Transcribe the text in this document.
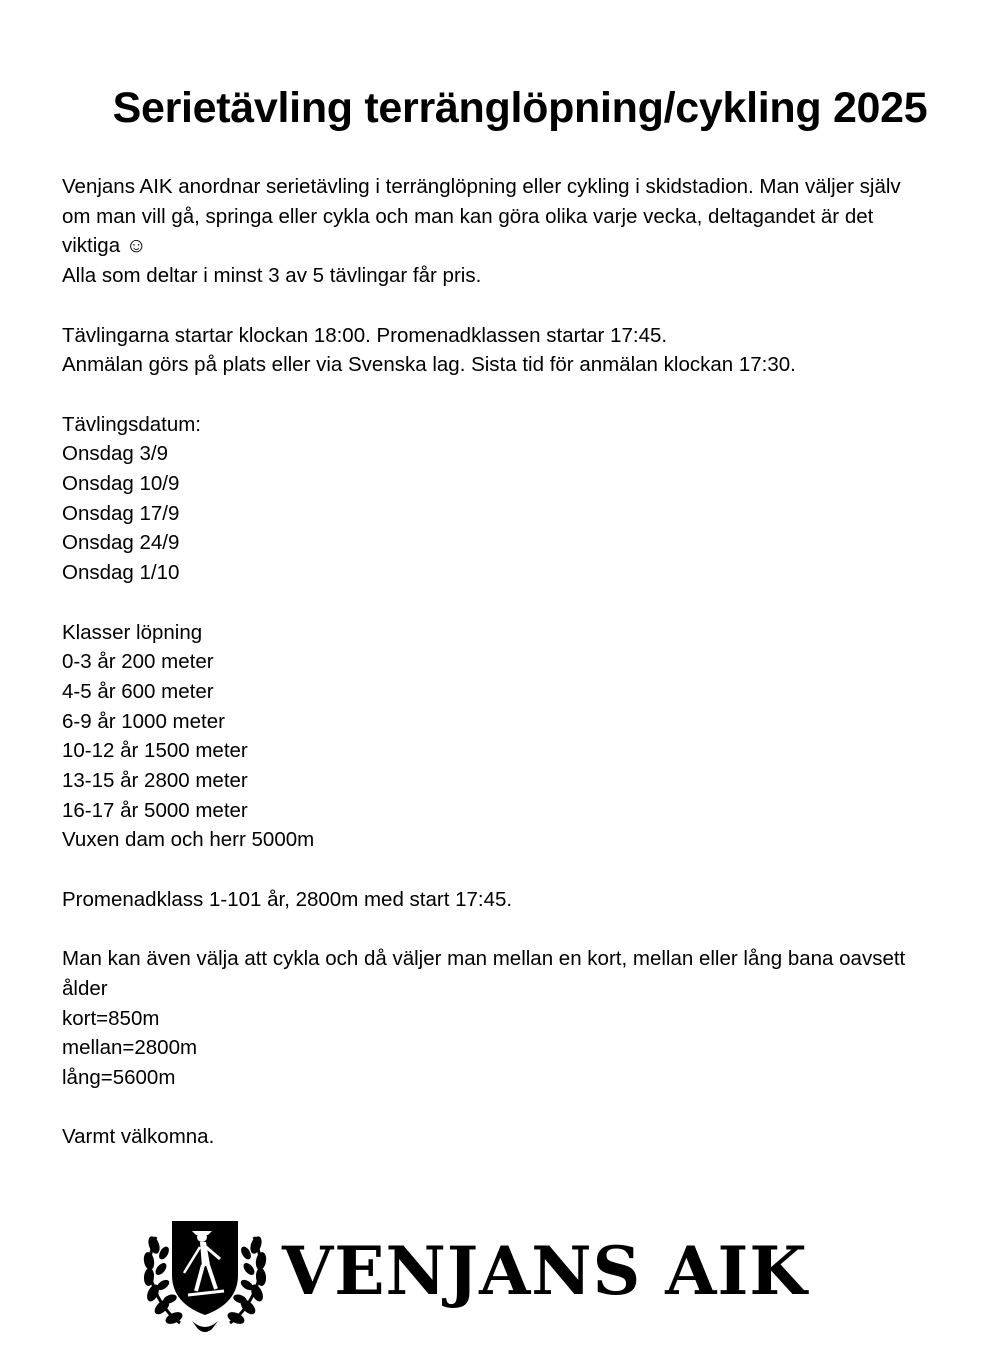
Serietävling terränglöpning/cykling 2025
Venjans AIK anordnar serietävling i terränglöpning eller cykling i skidstadion. Man väljer själv
om man vill gå, springa eller cykla och man kan göra olika varje vecka, deltagandet är det
viktiga ☺
Alla som deltar i minst 3 av 5 tävlingar får pris.
Tävlingarna startar klockan 18:00. Promenadklassen startar 17:45.
Anmälan görs på plats eller via Svenska lag. Sista tid för anmälan klockan 17:30.
Tävlingsdatum:
Onsdag 3/9
Onsdag 10/9
Onsdag 17/9
Onsdag 24/9
Onsdag 1/10
Klasser löpning
0-3 år 200 meter
4-5 år 600 meter
6-9 år 1000 meter
10-12 år 1500 meter
13-15 år 2800 meter
16-17 år 5000 meter
Vuxen dam och herr 5000m
Promenadklass 1-101 år, 2800m med start 17:45.
Man kan även välja att cykla och då väljer man mellan en kort, mellan eller lång bana oavsett
ålder
kort=850m
mellan=2800m
lång=5600m
Varmt välkomna.
VENJANS AIK
